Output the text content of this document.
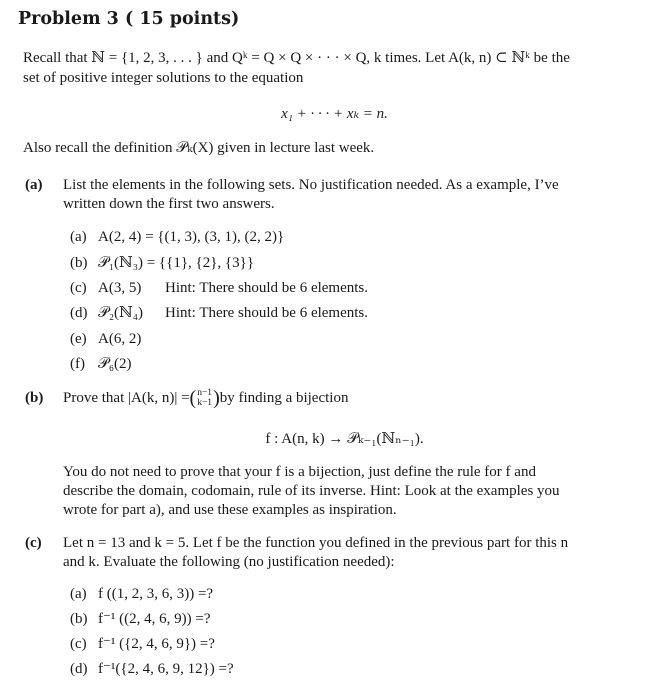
Problem 3 ( 15 points)
Recall that ℕ = {1, 2, 3, . . . } and Qᵏ = Q × Q × · · · × Q, k times. Let A(k, n) ⊂ ℕᵏ be the
set of positive integer solutions to the equation
x₁ + · · · + xₖ = n.
Also recall the definition 𝒫ₖ(X) given in lecture last week.
(a) List the elements in the following sets. No justification needed. As a example, I’ve
written down the first two answers.
(a) A(2, 4) = {(1, 3), (3, 1), (2, 2)}
(b) 𝒫₁(ℕ₃) = {{1}, {2}, {3}}
(c) A(3, 5) Hint: There should be 6 elements.
(d) 𝒫₂(ℕ₄) Hint: There should be 6 elements.
(e) A(6, 2)
(f) 𝒫₆(2)
(b) Prove that |A(k, n)| = ( n−1
k−1 ) by finding a bijection
f : A(n, k) → 𝒫ₖ₋₁(ℕₙ₋₁).
You do not need to prove that your f is a bijection, just define the rule for f and
describe the domain, codomain, rule of its inverse. Hint: Look at the examples you
wrote for part a), and use these examples as inspiration.
(c) Let n = 13 and k = 5. Let f be the function you defined in the previous part for this n
and k. Evaluate the following (no justification needed):
(a) f ((1, 2, 3, 6, 3)) =?
(b) f⁻¹ ((2, 4, 6, 9)) =?
(c) f⁻¹ ({2, 4, 6, 9}) =?
(d) f⁻¹({2, 4, 6, 9, 12}) =?
